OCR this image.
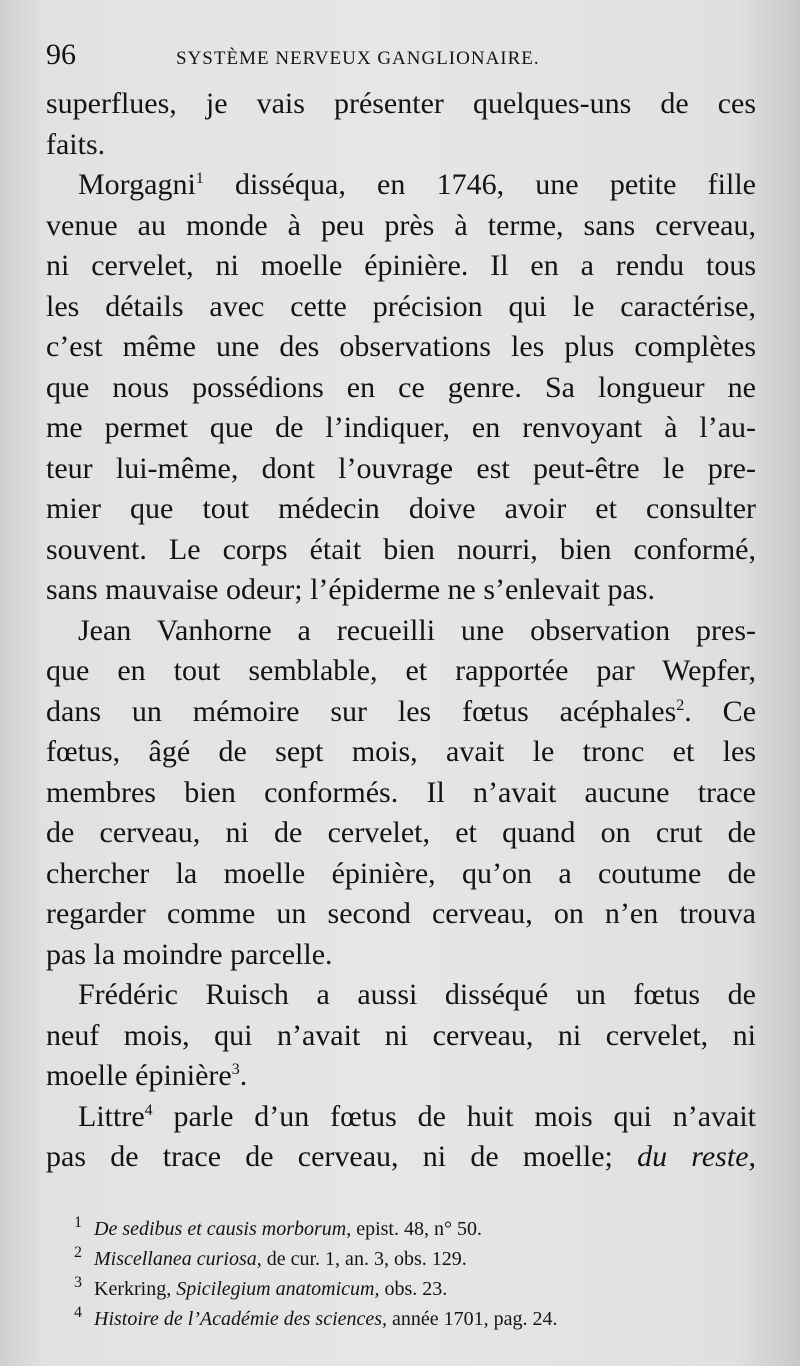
96	SYSTÈME NERVEUX GANGLIONAIRE.
superflues, je vais présenter quelques-uns de ces
faits.
Morgagni$^1$ disséqua, en 1746, une petite fille
venue au monde à peu près à terme, sans cerveau,
ni cervelet, ni moelle épinière. Il en a rendu tous
les détails avec cette précision qui le caractérise,
c’est même une des observations les plus complètes
que nous possédions en ce genre. Sa longueur ne
me permet que de l’indiquer, en renvoyant à l’au-
teur lui-même, dont l’ouvrage est peut-être le pre-
mier que tout médecin doive avoir et consulter
souvent. Le corps était bien nourri, bien conformé,
sans mauvaise odeur; l’épiderme ne s’enlevait pas.
Jean Vanhorne a recueilli une observation pres-
que en tout semblable, et rapportée par Wepfer,
dans un mémoire sur les fœtus acéphales$^2$. Ce
fœtus, âgé de sept mois, avait le tronc et les
membres bien conformés. Il n’avait aucune trace
de cerveau, ni de cervelet, et quand on crut de
chercher la moelle épinière, qu’on a coutume de
regarder comme un second cerveau, on n’en trouva
pas la moindre parcelle.
Frédéric Ruisch a aussi disséqué un fœtus de
neuf mois, qui n’avait ni cerveau, ni cervelet, ni
moelle épinière$^3$.
Littre$^4$ parle d’un fœtus de huit mois qui n’avait
pas de trace de cerveau, ni de moelle; du reste,
1 De sedibus et causis morborum, epist. 48, n° 50.
2 Miscellanea curiosa, de cur. 1, an. 3, obs. 129.
3 Kerkring, Spicilegium anatomicum, obs. 23.
4 Histoire de l’Académie des sciences, année 1701, pag. 24.
